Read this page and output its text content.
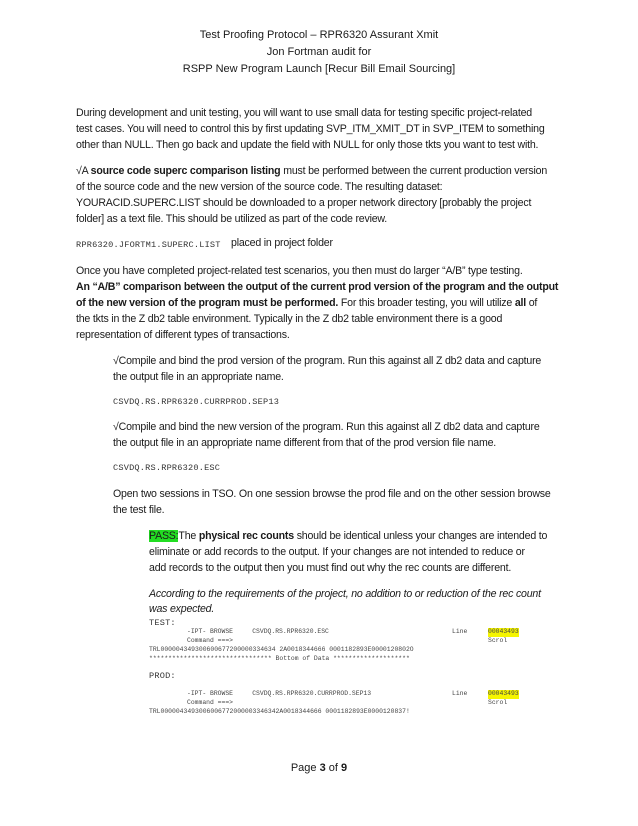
Test Proofing Protocol – RPR6320 Assurant Xmit
Jon Fortman audit for
RSPP New Program Launch [Recur Bill Email Sourcing]
During development and unit testing, you will want to use small data for testing specific project-related
test cases. You will need to control this by first updating SVP_ITM_XMIT_DT in SVP_ITEM to something
other than NULL. Then go back and update the field with NULL for only those tkts you want to test with.
√A source code superc comparison listing must be performed between the current production version
of the source code and the new version of the source code. The resulting dataset:
YOURACID.SUPERC.LIST should be downloaded to a proper network directory [probably the project
folder] as a text file. This should be utilized as part of the code review.
RPR6320.JFORTM1.SUPERC.LIST placed in project folder
Once you have completed project-related test scenarios, you then must do larger “A/B” type testing.
An “A/B” comparison between the output of the current prod version of the program and the output
of the new version of the program must be performed. For this broader testing, you will utilize all of
the tkts in the Z db2 table environment. Typically in the Z db2 table environment there is a good
representation of different types of transactions.
√Compile and bind the prod version of the program. Run this against all Z db2 data and capture
the output file in an appropriate name.
CSVDQ.RS.RPR6320.CURRPROD.SEP13
√Compile and bind the new version of the program. Run this against all Z db2 data and capture
the output file in an appropriate name different from that of the prod version file name.
CSVDQ.RS.RPR6320.ESC
Open two sessions in TSO. On one session browse the prod file and on the other session browse
the test file.
PASS:The physical rec counts should be identical unless your changes are intended to
eliminate or add records to the output. If your changes are not intended to reduce or
add records to the output then you must find out why the rec counts are different.
According to the requirements of the project, no addition to or reduction of the rec count
was expected.
TEST:
-IPT- BROWSE     CSVDQ.RS.RPR6320.ESC	Line	00043493
Command ===>	Scrol
TRL000004349300600677200000334634 2A0018344666 0001182893E0000120802O
******************************** Bottom of Data ********************
PROD:
-IPT- BROWSE     CSVDQ.RS.RPR6320.CURRPROD.SEP13	Line	00043493
Command ===>	Scrol
TRL0000043493006006772000003346342A0018344666 0001182893E0000120837!
Page 3 of 9
